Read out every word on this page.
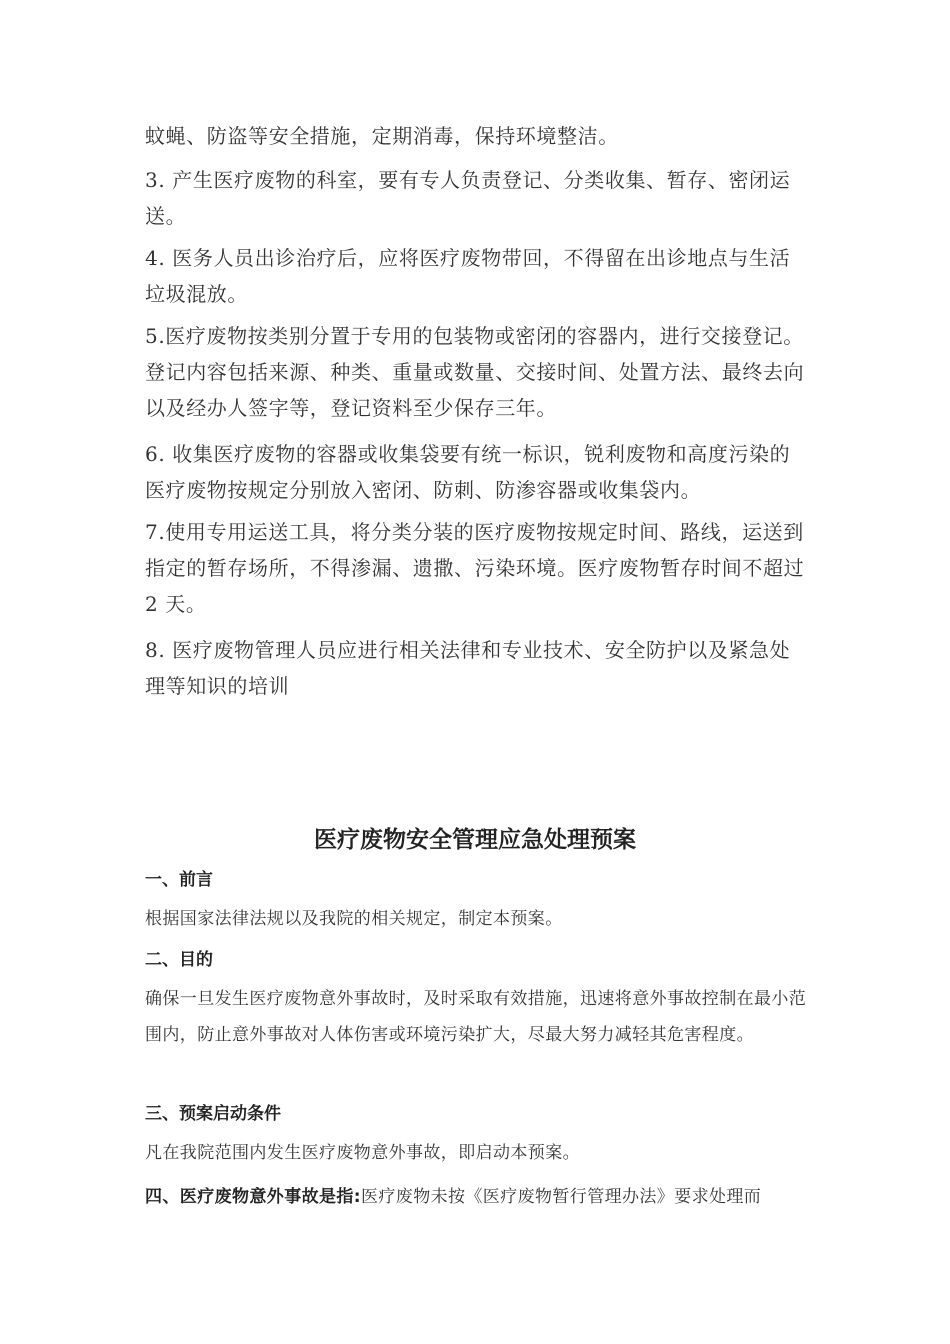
蚊蝇、防盗等安全措施，定期消毒，保持环境整洁。

3. 产生医疗废物的科室，要有专人负责登记、分类收集、暂存、密闭运送。

4. 医务人员出诊治疗后，应将医疗废物带回，不得留在出诊地点与生活垃圾混放。

5.医疗废物按类别分置于专用的包装物或密闭的容器内，进行交接登记。登记内容包括来源、种类、重量或数量、交接时间、处置方法、最终去向以及经办人签字等，登记资料至少保存三年。

6. 收集医疗废物的容器或收集袋要有统一标识，锐利废物和高度污染的医疗废物按规定分别放入密闭、防刺、防渗容器或收集袋内。

7.使用专用运送工具，将分类分装的医疗废物按规定时间、路线，运送到指定的暂存场所，不得渗漏、遗撒、污染环境。医疗废物暂存时间不超过 2 天。

8. 医疗废物管理人员应进行相关法律和专业技术、安全防护以及紧急处理等知识的培训

医疗废物安全管理应急处理预案
一、前言

根据国家法律法规以及我院的相关规定，制定本预案。

二、目的

确保一旦发生医疗废物意外事故时，及时采取有效措施，迅速将意外事故控制在最小范围内，防止意外事故对人体伤害或环境污染扩大，尽最大努力减轻其危害程度。

三、预案启动条件

凡在我院范围内发生医疗废物意外事故，即启动本预案。

四、医疗废物意外事故是指:医疗废物未按《医疗废物暂行管理办法》要求处理而
